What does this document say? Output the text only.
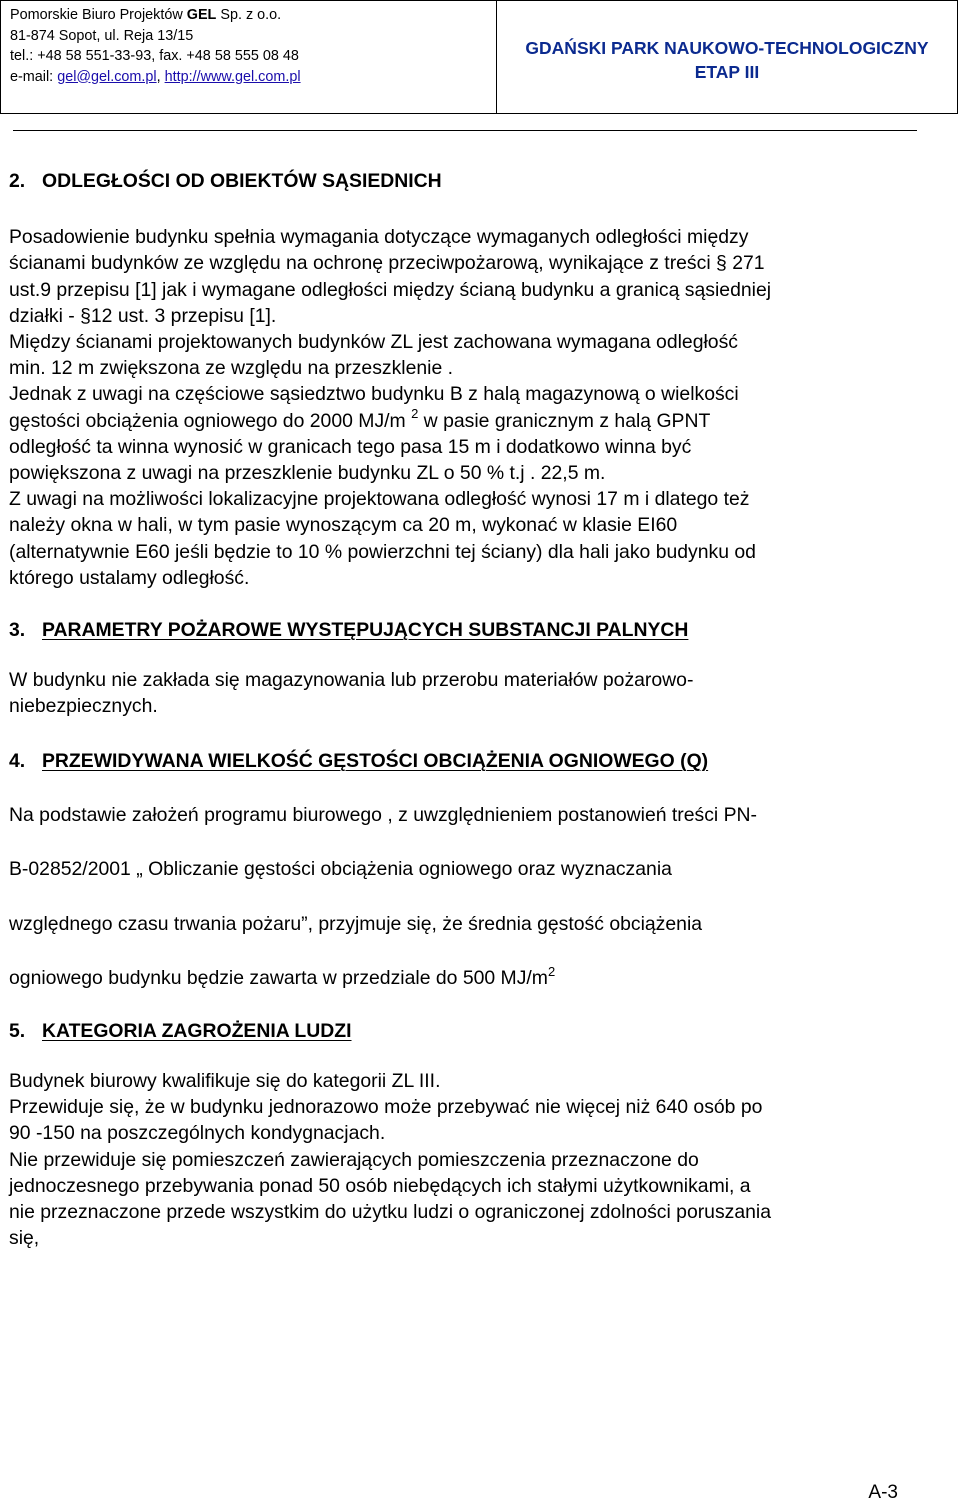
Pomorskie Biuro Projektów GEL Sp. z o.o.
81-874 Sopot, ul. Reja 13/15
tel.: +48 58 551-33-93, fax. +48 58 555 08 48
e-mail: gel@gel.com.pl, http://www.gel.com.pl
GDAŃSKI PARK NAUKOWO-TECHNOLOGICZNY
ETAP III

2. ODLEGŁOŚCI OD OBIEKTÓW SĄSIEDNICH

Posadowienie budynku spełnia wymagania dotyczące wymaganych odległości między

ścianami budynków ze względu na ochronę przeciwpożarową, wynikające z treści § 271

ust.9 przepisu [1] jak i wymagane odległości między ścianą budynku a granicą sąsiedniej

działki - §12 ust. 3 przepisu [1].

Między ścianami projektowanych budynków ZL jest zachowana wymagana odległość

min. 12 m zwiększona ze względu na przeszklenie .

Jednak z uwagi na częściowe sąsiedztwo budynku B z halą magazynową o wielkości

gęstości obciążenia ogniowego do 2000 MJ/m $^2$ w pasie granicznym z halą GPNT

odległość ta winna wynosić w granicach tego pasa 15 m i dodatkowo winna być

powiększona z uwagi na przeszklenie budynku ZL o 50 % t.j . 22,5 m.

Z uwagi na możliwości lokalizacyjne projektowana odległość wynosi 17 m i dlatego też

należy okna w hali, w tym pasie wynoszącym ca 20 m, wykonać w klasie EI60

(alternatywnie E60 jeśli będzie to 10 % powierzchni tej ściany) dla hali jako budynku od

którego ustalamy odległość.

3. PARAMETRY POŻAROWE WYSTĘPUJĄCYCH SUBSTANCJI PALNYCH

W budynku nie zakłada się magazynowania lub przerobu materiałów pożarowo-

niebezpiecznych.

4. PRZEWIDYWANA WIELKOŚĆ GĘSTOŚCI OBCIĄŻENIA OGNIOWEGO (Q)

Na podstawie założeń programu biurowego , z uwzględnieniem postanowień treści PN-

B-02852/2001 „ Obliczanie gęstości obciążenia ogniowego oraz wyznaczania

względnego czasu trwania pożaru”, przyjmuje się, że średnia gęstość obciążenia

ogniowego budynku będzie zawarta w przedziale do 500 $MJ/m^2$

5. KATEGORIA ZAGROŻENIA LUDZI

Budynek biurowy kwalifikuje się do kategorii ZL III.

Przewiduje się, że w budynku jednorazowo może przebywać nie więcej niż 640 osób po

90 -150 na poszczególnych kondygnacjach.

Nie przewiduje się pomieszczeń zawierających pomieszczenia przeznaczone do

jednoczesnego przebywania ponad 50 osób niebędących ich stałymi użytkownikami, a

nie przeznaczone przede wszystkim do użytku ludzi o ograniczonej zdolności poruszania

się,

A-3
